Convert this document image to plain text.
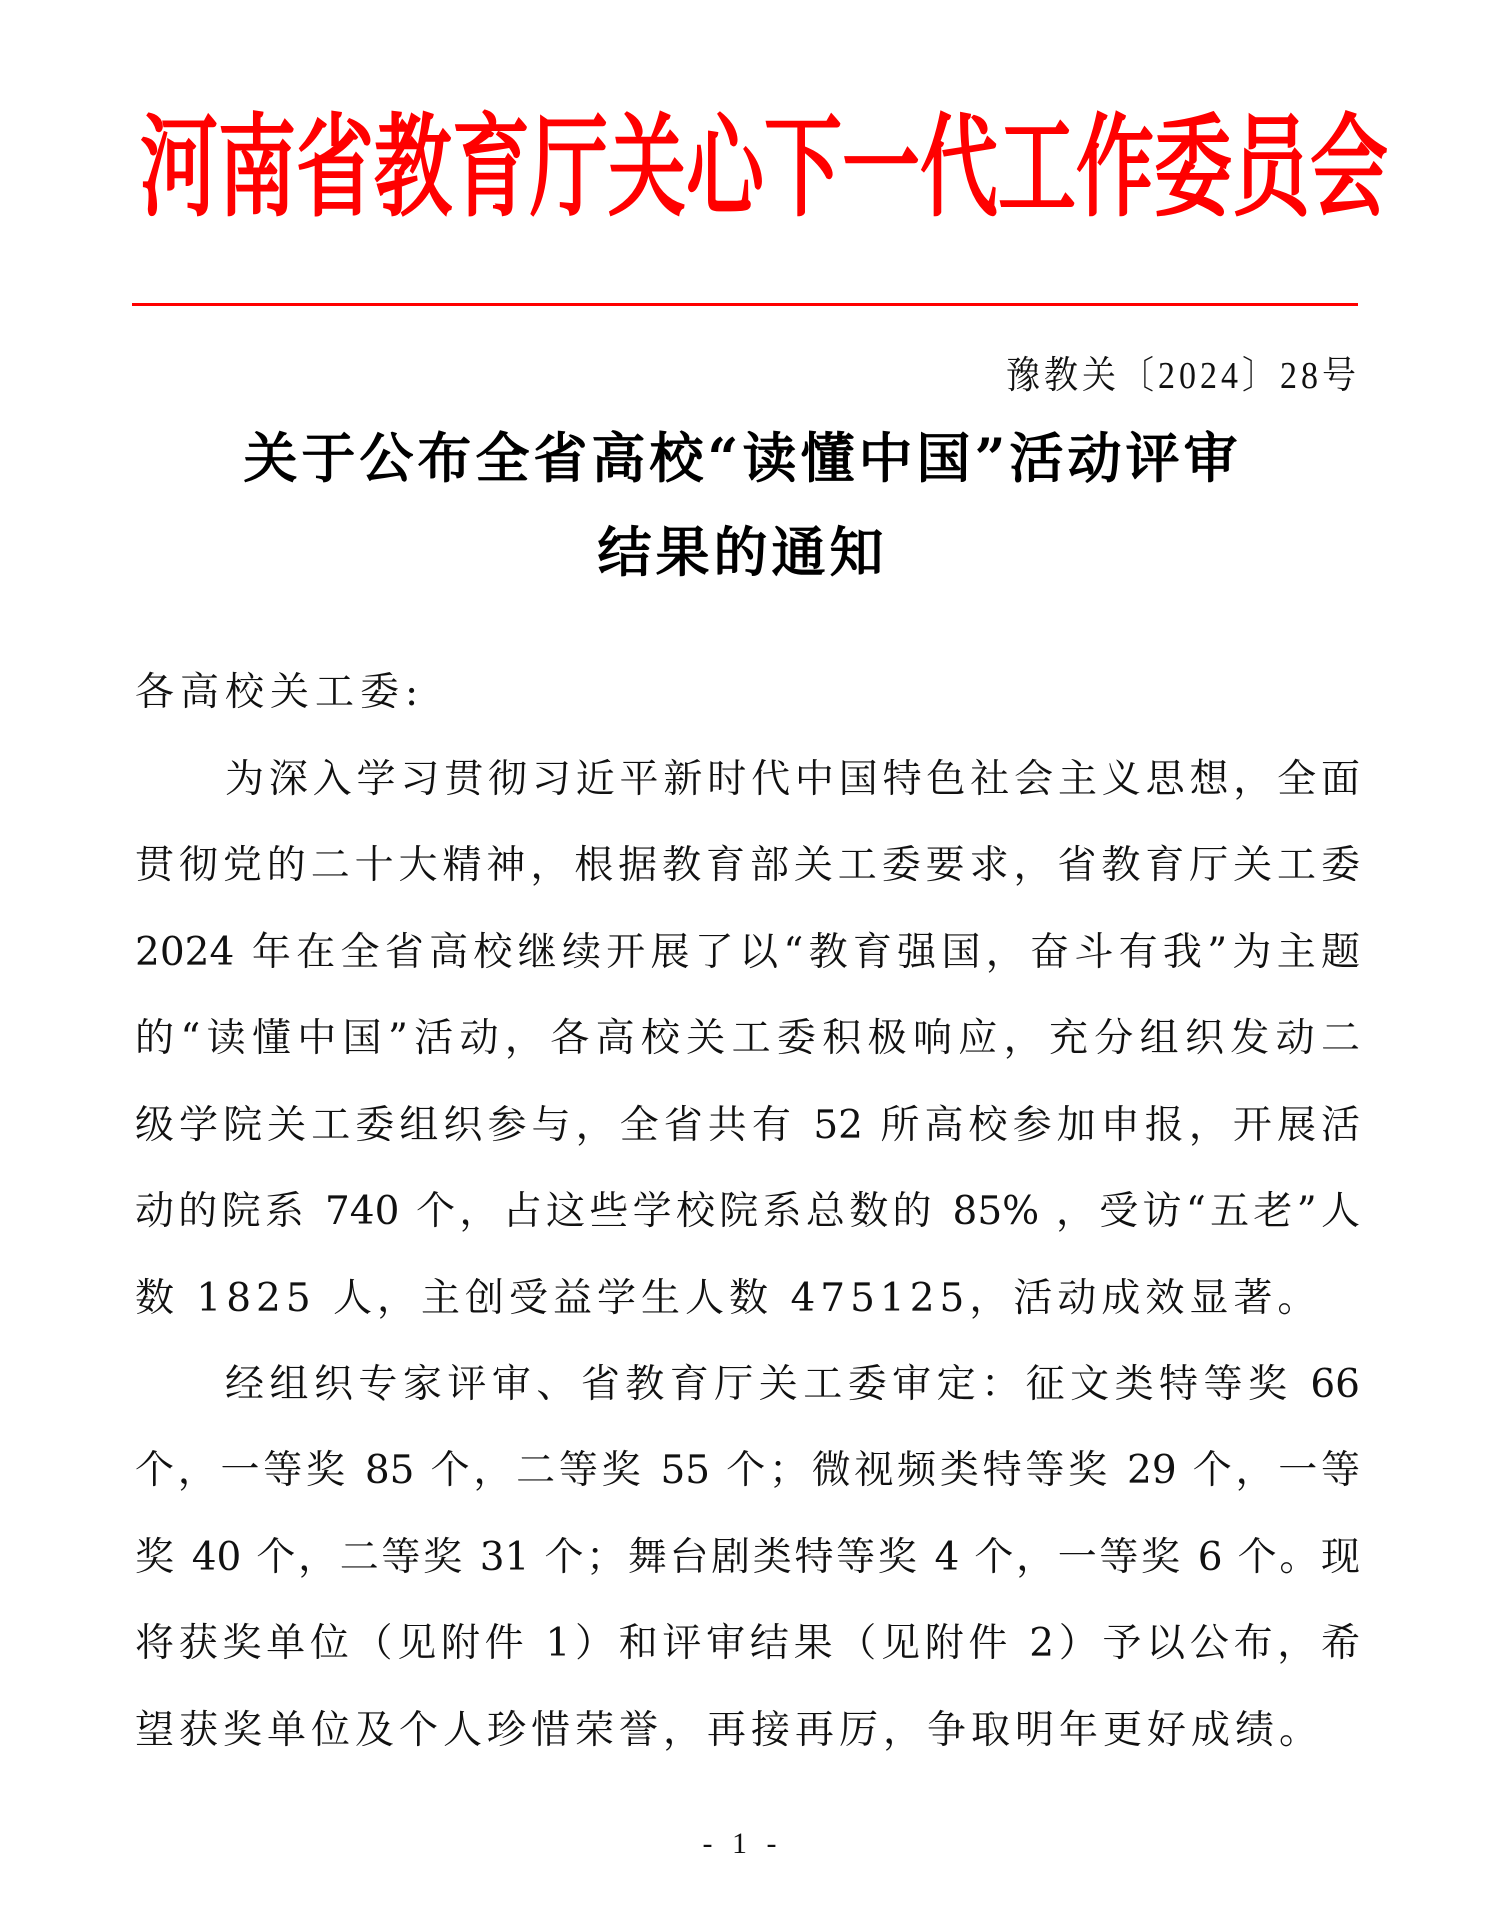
河南省教育厅关心下一代工作委员会
豫教关〔2024〕28号
关于公布全省高校“读懂中国”活动评审
结果的通知
各高校关工委:
为深入学习贯彻习近平新时代中国特色社会主义思想，全面
贯彻党的二十大精神，根据教育部关工委要求，省教育厅关工委
2024 年在全省高校继续开展了以“教育强国，奋斗有我”为主题
的“读懂中国”活动，各高校关工委积极响应，充分组织发动二
级学院关工委组织参与，全省共有 52 所高校参加申报，开展活
动的院系 740 个，占这些学校院系总数的 85% ，受访“五老”人
数 1825 人，主创受益学生人数 475125，活动成效显著。
经组织专家评审、省教育厅关工委审定：征文类特等奖 66
个，一等奖 85 个，二等奖 55 个；微视频类特等奖 29 个，一等
奖 40 个，二等奖 31 个；舞台剧类特等奖 4 个，一等奖 6 个。现
将获奖单位（见附件 1）和评审结果（见附件 2）予以公布，希
望获奖单位及个人珍惜荣誉，再接再厉，争取明年更好成绩。
- 1 -
